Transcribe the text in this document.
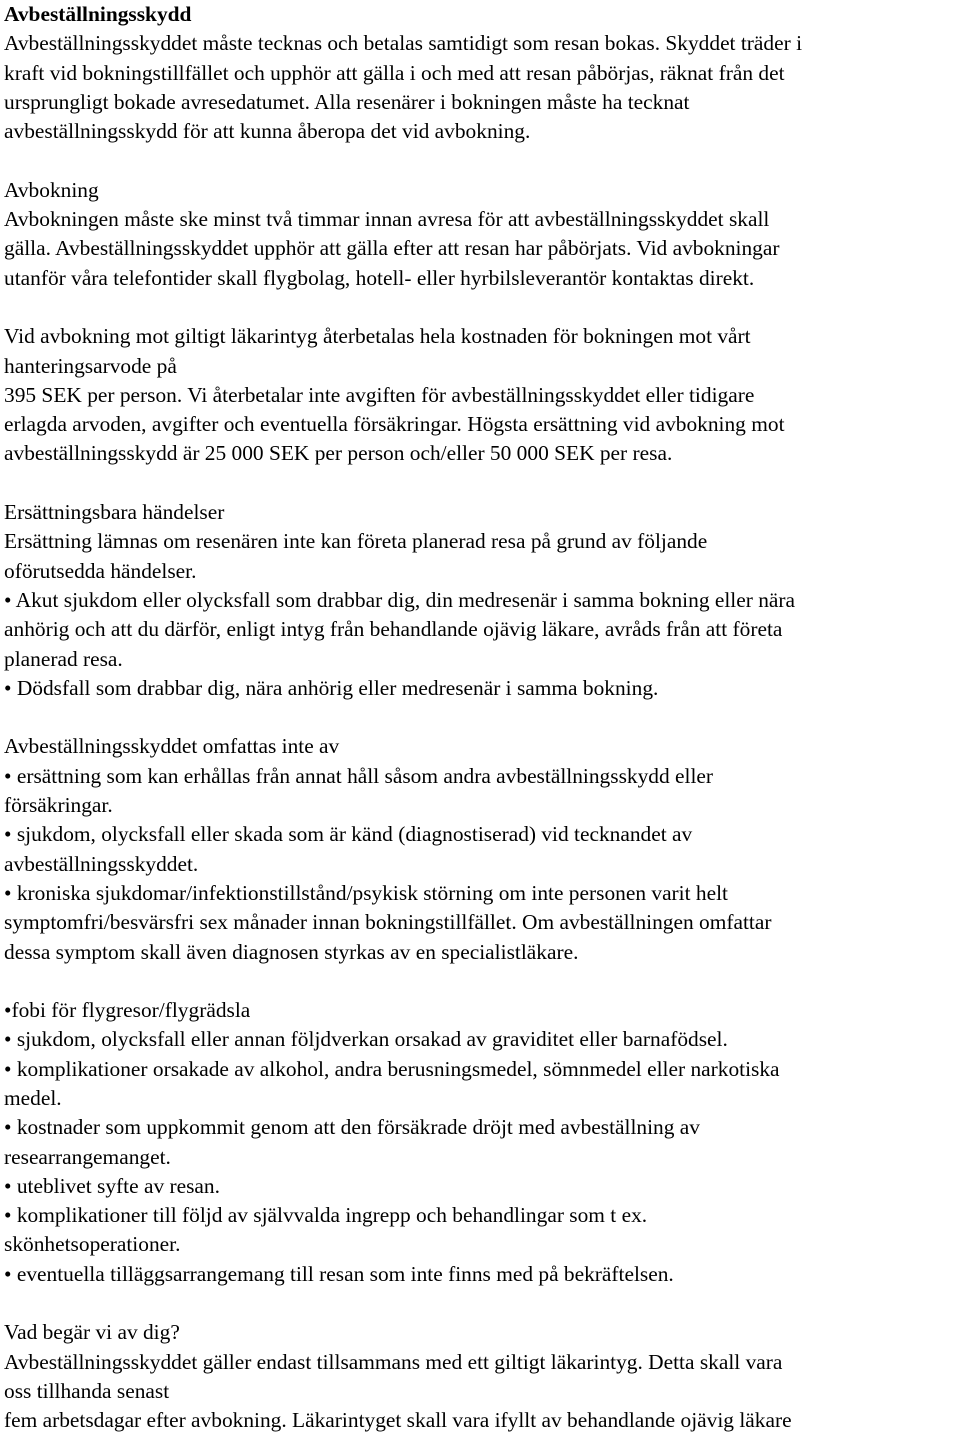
Avbeställningsskydd
Avbeställningsskyddet måste tecknas och betalas samtidigt som resan bokas. Skyddet träder i
kraft vid bokningstillfället och upphör att gälla i och med att resan påbörjas, räknat från det
ursprungligt bokade avresedatumet. Alla resenärer i bokningen måste ha tecknat
avbeställningsskydd för att kunna åberopa det vid avbokning.
Avbokning
Avbokningen måste ske minst två timmar innan avresa för att avbeställningsskyddet skall
gälla. Avbeställningsskyddet upphör att gälla efter att resan har påbörjats. Vid avbokningar
utanför våra telefontider skall flygbolag, hotell- eller hyrbilsleverantör kontaktas direkt.
Vid avbokning mot giltigt läkarintyg återbetalas hela kostnaden för bokningen mot vårt
hanteringsarvode på
395 SEK per person. Vi återbetalar inte avgiften för avbeställningsskyddet eller tidigare
erlagda arvoden, avgifter och eventuella försäkringar. Högsta ersättning vid avbokning mot
avbeställningsskydd är 25 000 SEK per person och/eller 50 000 SEK per resa.
Ersättningsbara händelser
Ersättning lämnas om resenären inte kan företa planerad resa på grund av följande
oförutsedda händelser.
• Akut sjukdom eller olycksfall som drabbar dig, din medresenär i samma bokning eller nära
anhörig och att du därför, enligt intyg från behandlande ojävig läkare, avråds från att företa
planerad resa.
• Dödsfall som drabbar dig, nära anhörig eller medresenär i samma bokning.
Avbeställningsskyddet omfattas inte av
• ersättning som kan erhållas från annat håll såsom andra avbeställningsskydd eller
försäkringar.
• sjukdom, olycksfall eller skada som är känd (diagnostiserad) vid tecknandet av
avbeställningsskyddet.
• kroniska sjukdomar/infektionstillstånd/psykisk störning om inte personen varit helt
symptomfri/besvärsfri sex månader innan bokningstillfället. Om avbeställningen omfattar
dessa symptom skall även diagnosen styrkas av en specialistläkare.
•fobi för flygresor/flygrädsla
• sjukdom, olycksfall eller annan följdverkan orsakad av graviditet eller barnafödsel.
• komplikationer orsakade av alkohol, andra berusningsmedel, sömnmedel eller narkotiska
medel.
• kostnader som uppkommit genom att den försäkrade dröjt med avbeställning av
researrangemanget.
• uteblivet syfte av resan.
• komplikationer till följd av självvalda ingrepp och behandlingar som t ex.
skönhetsoperationer.
• eventuella tilläggsarrangemang till resan som inte finns med på bekräftelsen.
Vad begär vi av dig?
Avbeställningsskyddet gäller endast tillsammans med ett giltigt läkarintyg. Detta skall vara
oss tillhanda senast
fem arbetsdagar efter avbokning. Läkarintyget skall vara ifyllt av behandlande ojävig läkare
